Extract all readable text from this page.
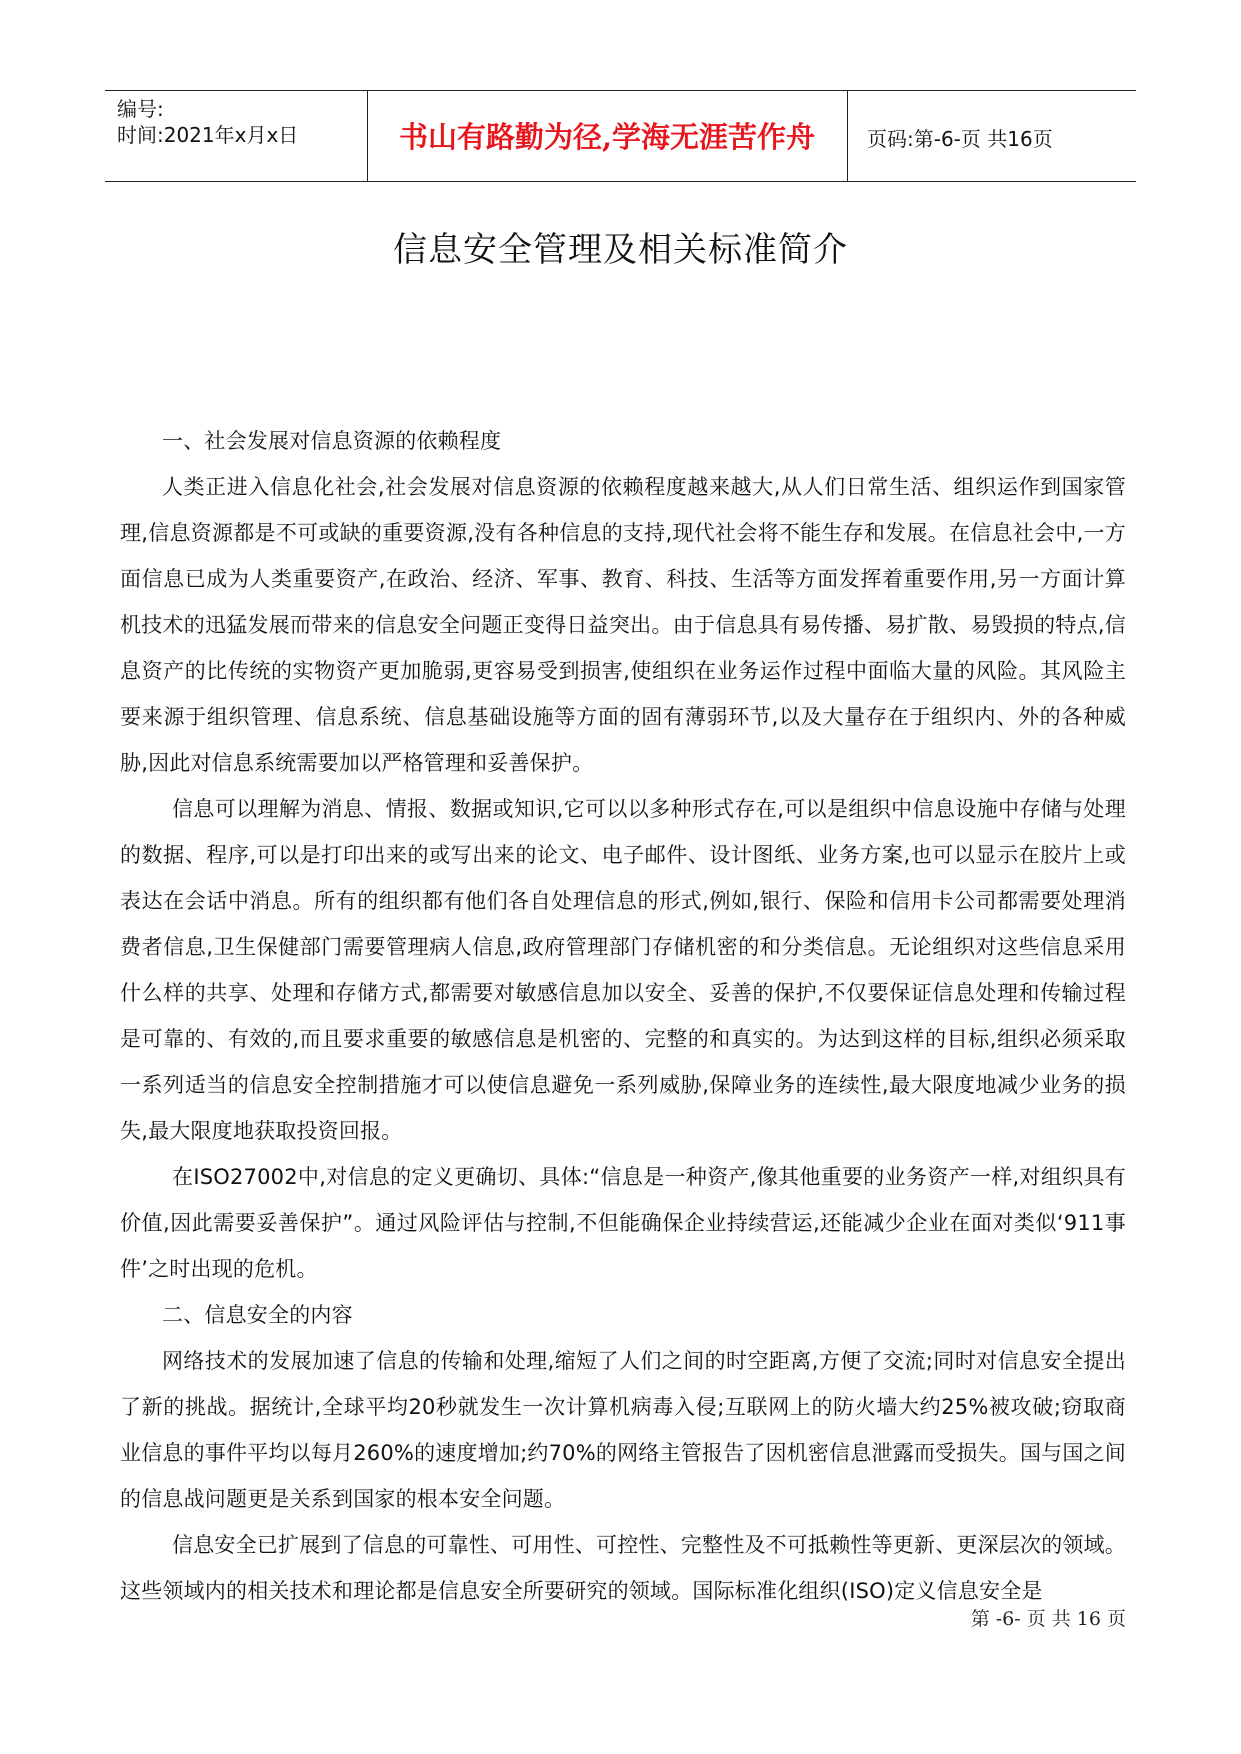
编号:
时间:2021年x月x日	书山有路勤为径,学海无涯苦作舟	页码:第-6-页 共16页
信息安全管理及相关标准简介

一、社会发展对信息资源的依赖程度

人类正进入信息化社会,社会发展对信息资源的依赖程度越来越大,从人们日常生活、组织运作到国家管理,信息资源都是不可或缺的重要资源,没有各种信息的支持,现代社会将不能生存和发展。在信息社会中,一方面信息已成为人类重要资产,在政治、经济、军事、教育、科技、生活等方面发挥着重要作用,另一方面计算机技术的迅猛发展而带来的信息安全问题正变得日益突出。由于信息具有易传播、易扩散、易毁损的特点,信息资产的比传统的实物资产更加脆弱,更容易受到损害,使组织在业务运作过程中面临大量的风险。其风险主要来源于组织管理、信息系统、信息基础设施等方面的固有薄弱环节,以及大量存在于组织内、外的各种威胁,因此对信息系统需要加以严格管理和妥善保护。

信息可以理解为消息、情报、数据或知识,它可以以多种形式存在,可以是组织中信息设施中存储与处理的数据、程序,可以是打印出来的或写出来的论文、电子邮件、设计图纸、业务方案,也可以显示在胶片上或表达在会话中消息。所有的组织都有他们各自处理信息的形式,例如,银行、保险和信用卡公司都需要处理消费者信息,卫生保健部门需要管理病人信息,政府管理部门存储机密的和分类信息。无论组织对这些信息采用什么样的共享、处理和存储方式,都需要对敏感信息加以安全、妥善的保护,不仅要保证信息处理和传输过程是可靠的、有效的,而且要求重要的敏感信息是机密的、完整的和真实的。为达到这样的目标,组织必须采取一系列适当的信息安全控制措施才可以使信息避免一系列威胁,保障业务的连续性,最大限度地减少业务的损失,最大限度地获取投资回报。

在ISO27002中,对信息的定义更确切、具体:“信息是一种资产,像其他重要的业务资产一样,对组织具有价值,因此需要妥善保护”。通过风险评估与控制,不但能确保企业持续营运,还能减少企业在面对类似‘911事件’之时出现的危机。

二、信息安全的内容

网络技术的发展加速了信息的传输和处理,缩短了人们之间的时空距离,方便了交流;同时对信息安全提出了新的挑战。据统计,全球平均20秒就发生一次计算机病毒入侵;互联网上的防火墙大约25%被攻破;窃取商业信息的事件平均以每月260%的速度增加;约70%的网络主管报告了因机密信息泄露而受损失。国与国之间的信息战问题更是关系到国家的根本安全问题。

信息安全已扩展到了信息的可靠性、可用性、可控性、完整性及不可抵赖性等更新、更深层次的领域。这些领域内的相关技术和理论都是信息安全所要研究的领域。国际标准化组织(ISO)定义信息安全是

第 -6- 页 共 16 页
